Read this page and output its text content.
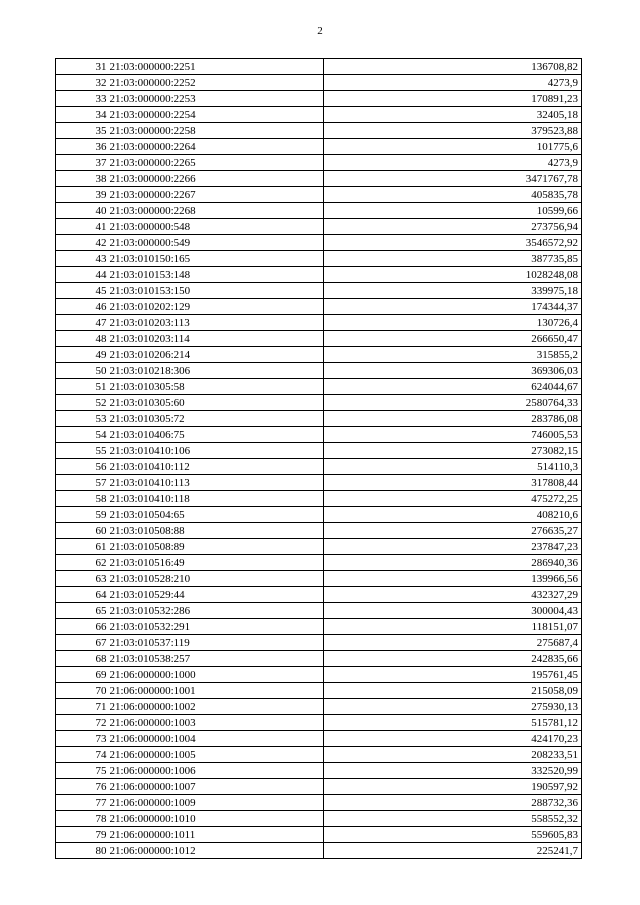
2
31	21:03:000000:2251	136708,82
32	21:03:000000:2252	4273,9
33	21:03:000000:2253	170891,23
34	21:03:000000:2254	32405,18
35	21:03:000000:2258	379523,88
36	21:03:000000:2264	101775,6
37	21:03:000000:2265	4273,9
38	21:03:000000:2266	3471767,78
39	21:03:000000:2267	405835,78
40	21:03:000000:2268	10599,66
41	21:03:000000:548	273756,94
42	21:03:000000:549	3546572,92
43	21:03:010150:165	387735,85
44	21:03:010153:148	1028248,08
45	21:03:010153:150	339975,18
46	21:03:010202:129	174344,37
47	21:03:010203:113	130726,4
48	21:03:010203:114	266650,47
49	21:03:010206:214	315855,2
50	21:03:010218:306	369306,03
51	21:03:010305:58	624044,67
52	21:03:010305:60	2580764,33
53	21:03:010305:72	283786,08
54	21:03:010406:75	746005,53
55	21:03:010410:106	273082,15
56	21:03:010410:112	514110,3
57	21:03:010410:113	317808,44
58	21:03:010410:118	475272,25
59	21:03:010504:65	408210,6
60	21:03:010508:88	276635,27
61	21:03:010508:89	237847,23
62	21:03:010516:49	286940,36
63	21:03:010528:210	139966,56
64	21:03:010529:44	432327,29
65	21:03:010532:286	300004,43
66	21:03:010532:291	118151,07
67	21:03:010537:119	275687,4
68	21:03:010538:257	242835,66
69	21:06:000000:1000	195761,45
70	21:06:000000:1001	215058,09
71	21:06:000000:1002	275930,13
72	21:06:000000:1003	515781,12
73	21:06:000000:1004	424170,23
74	21:06:000000:1005	208233,51
75	21:06:000000:1006	332520,99
76	21:06:000000:1007	190597,92
77	21:06:000000:1009	288732,36
78	21:06:000000:1010	558552,32
79	21:06:000000:1011	559605,83
80	21:06:000000:1012	225241,7
